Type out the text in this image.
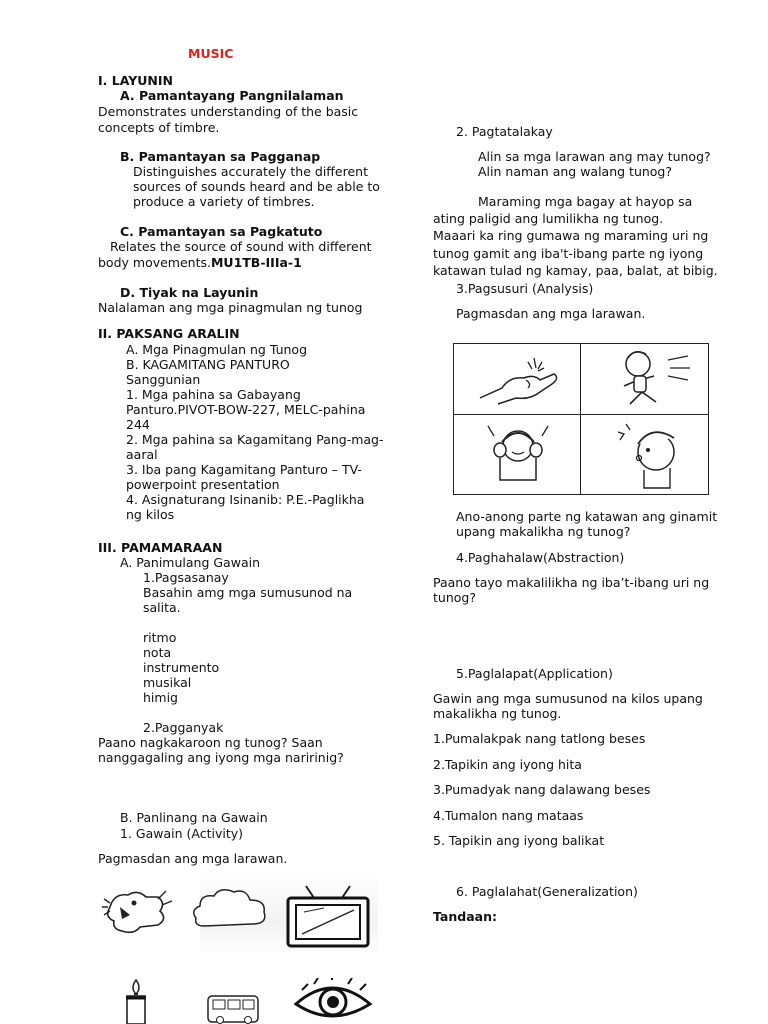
MUSIC
I. LAYUNIN
A. Pamantayang Pangnilalaman
Demonstrates understanding of the basic
concepts of timbre.
B. Pamantayan sa Pagganap
Distinguishes accurately the different
sources of sounds heard and be able to
produce a variety of timbres.
C. Pamantayan sa Pagkatuto
Relates the source of sound with different
body movements.MU1TB-IIIa-1
D. Tiyak na Layunin
Nalalaman ang mga pinagmulan ng tunog
II. PAKSANG ARALIN
A. Mga Pinagmulan ng Tunog
B. KAGAMITANG PANTURO
Sanggunian
1. Mga pahina sa Gabayang
Panturo.PIVOT-BOW-227, MELC-pahina
244
2. Mga pahina sa Kagamitang Pang-mag-
aaral
3. Iba pang Kagamitang Panturo – TV-
powerpoint presentation
4. Asignaturang Isinanib: P.E.-Paglikha
ng kilos
III. PAMAMARAAN
A. Panimulang Gawain
1.Pagsasanay
Basahin amg mga sumusunod na
salita.
ritmo
nota
instrumento
musikal
himig
2.Pagganyak
Paano nagkakaroon ng tunog? Saan
nanggagaling ang iyong mga naririnig?
B. Panlinang na Gawain
1. Gawain (Activity)
Pagmasdan ang mga larawan.
2. Pagtatalakay
Alin sa mga larawan ang may tunog?
Alin naman ang walang tunog?
Maraming mga bagay at hayop sa
ating paligid ang lumilikha ng tunog.
Maaari ka ring gumawa ng maraming uri ng
tunog gamit ang iba't-ibang parte ng iyong
katawan tulad ng kamay, paa, balat, at bibig.
3.Pagsusuri (Analysis)
Pagmasdan ang mga larawan.
Ano-anong parte ng katawan ang ginamit
upang makalikha ng tunog?
4.Paghahalaw(Abstraction)
Paano tayo makalilikha ng iba’t-ibang uri ng
tunog?
5.Paglalapat(Application)
Gawin ang mga sumusunod na kilos upang
makalikha ng tunog.
1.Pumalakpak nang tatlong beses
2.Tapikin ang iyong hita
3.Pumadyak nang dalawang beses
4.Tumalon nang mataas
5. Tapikin ang iyong balikat
6. Paglalahat(Generalization)
Tandaan:
